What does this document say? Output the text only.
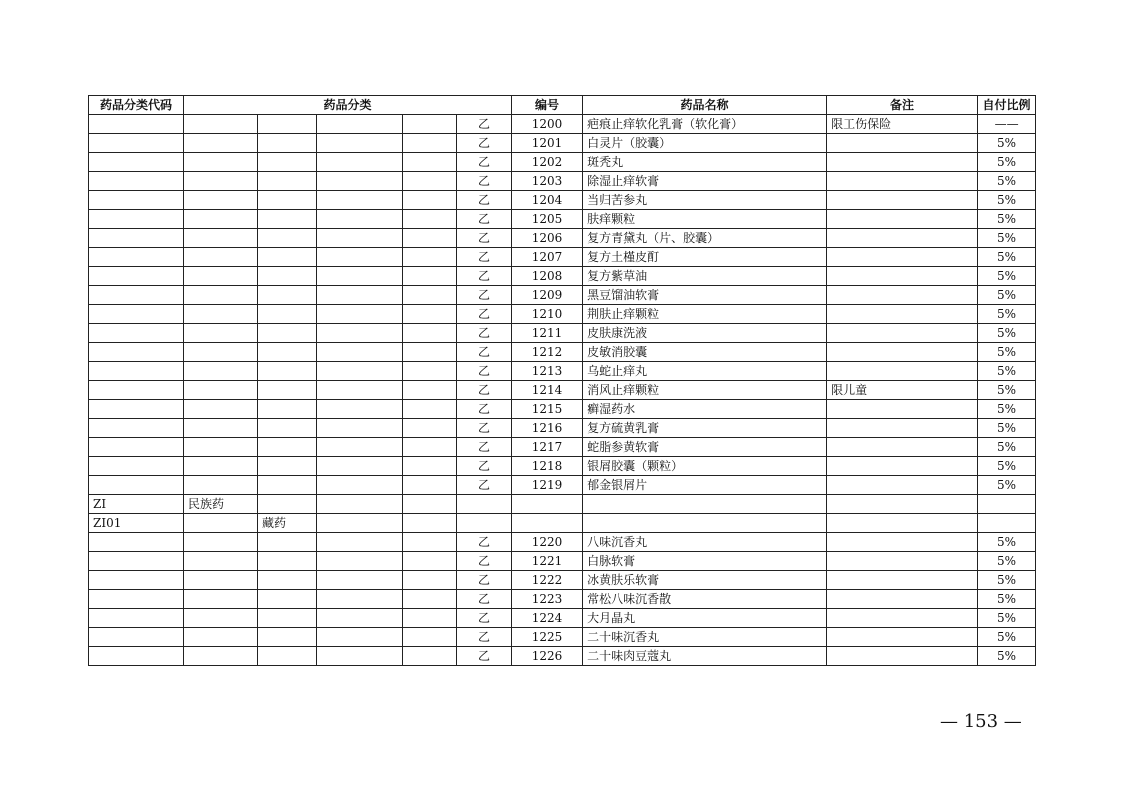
药品分类代码	药品分类					编号	药品名称	备注	自付比例
					乙	1200	疤痕止痒软化乳膏（软化膏）	限工伤保险	——
					乙	1201	白灵片（胶囊）		5%
					乙	1202	斑秃丸		5%
					乙	1203	除湿止痒软膏		5%
					乙	1204	当归苦参丸		5%
					乙	1205	肤痒颗粒		5%
					乙	1206	复方青黛丸（片、胶囊）		5%
					乙	1207	复方土槿皮酊		5%
					乙	1208	复方紫草油		5%
					乙	1209	黑豆馏油软膏		5%
					乙	1210	荆肤止痒颗粒		5%
					乙	1211	皮肤康洗液		5%
					乙	1212	皮敏消胶囊		5%
					乙	1213	乌蛇止痒丸		5%
					乙	1214	消风止痒颗粒	限儿童	5%
					乙	1215	癣湿药水		5%
					乙	1216	复方硫黄乳膏		5%
					乙	1217	蛇脂参黄软膏		5%
					乙	1218	银屑胶囊（颗粒）		5%
					乙	1219	郁金银屑片		5%
ZI	民族药								
ZI01		藏药							
					乙	1220	八味沉香丸		5%
					乙	1221	白脉软膏		5%
					乙	1222	冰黄肤乐软膏		5%
					乙	1223	常松八味沉香散		5%
					乙	1224	大月晶丸		5%
					乙	1225	二十味沉香丸		5%
					乙	1226	二十味肉豆蔻丸		5%
— 153 —
